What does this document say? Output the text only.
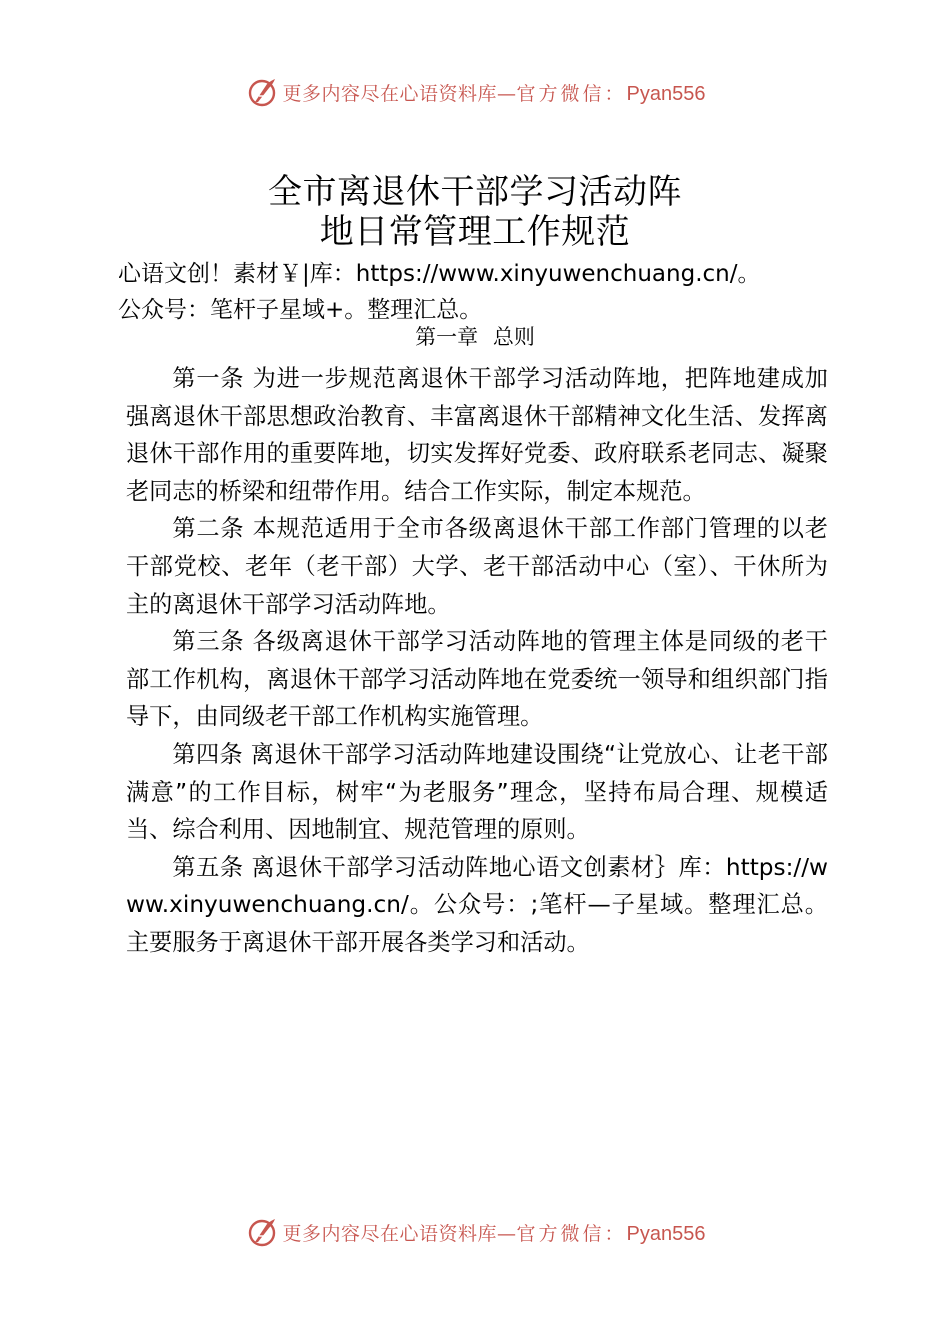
更多内容尽在心语资料库—官方微信：Pyan556
全市离退休干部学习活动阵
地日常管理工作规范
心语文创！素材￥|库：https://www.xinyuwenchuang.cn/。
公众号：笔杆子星域+。整理汇总。
第一章 总则

第一条 为进一步规范离退休干部学习活动阵地，把阵地建成加强离退休干部思想政治教育、丰富离退休干部精神文化生活、发挥离退休干部作用的重要阵地，切实发挥好党委、政府联系老同志、凝聚老同志的桥梁和纽带作用。结合工作实际，制定本规范。

第二条 本规范适用于全市各级离退休干部工作部门管理的以老干部党校、老年（老干部）大学、老干部活动中心（室）、干休所为主的离退休干部学习活动阵地。

第三条 各级离退休干部学习活动阵地的管理主体是同级的老干部工作机构，离退休干部学习活动阵地在党委统一领导和组织部门指导下，由同级老干部工作机构实施管理。

第四条 离退休干部学习活动阵地建设围绕“让党放心、让老干部满意”的工作目标，树牢“为老服务”理念，坚持布局合理、规模适当、综合利用、因地制宜、规范管理的原则。

第五条 离退休干部学习活动阵地心语文创素材｝库：https://www.xinyuwenchuang.cn/。公众号：;笔杆—子星域。整理汇总。主要服务于离退休干部开展各类学习和活动。

更多内容尽在心语资料库—官方微信：Pyan556
